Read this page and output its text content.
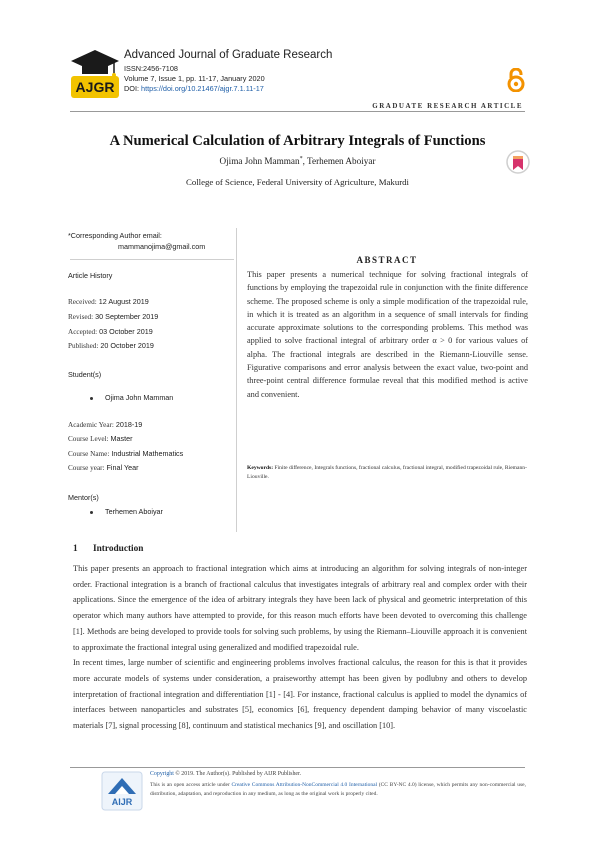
AJGR
Advanced Journal of Graduate Research
ISSN:2456-7108
Volume 7, Issue 1, pp. 11-17, January 2020
DOI: https://doi.org/10.21467/ajgr.7.1.11-17
GRADUATE RESEARCH ARTICLE
A Numerical Calculation of Arbitrary Integrals of Functions
Ojima John Mamman*, Terhemen Aboiyar
College of Science, Federal University of Agriculture, Makurdi
*Corresponding Author email:
mammanojima@gmail.com
Article History
Received: 12 August 2019
Revised: 30 September 2019
Accepted: 03 October 2019
Published: 20 October 2019
Student(s)
Ojima John Mamman
Academic Year: 2018-19
Course Level: Master
Course Name: Industrial Mathematics
Course year: Final Year
Mentor(s)
Terhemen Aboiyar
ABSTRACT
This paper presents a numerical technique for solving fractional integrals of functions by employing the trapezoidal rule in conjunction with the finite difference scheme. The proposed scheme is only a simple modification of the trapezoidal rule, in which it is treated as an algorithm in a sequence of small intervals for finding accurate approximate solutions to the corresponding problems. This method was applied to solve fractional integral of arbitrary order α > 0 for various values of alpha. The fractional integrals are described in the Riemann-Liouville sense. Figurative comparisons and error analysis between the exact value, two-point and three-point central difference formulae reveal that this modified method is active and convenient.
Keywords: Finite difference, Integrals functions, fractional calculus, fractional integral, modified trapezoidal rule, Riemann-Liouville.
1 Introduction

This paper presents an approach to fractional integration which aims at introducing an algorithm for solving integrals of non-integer order. Fractional integration is a branch of fractional calculus that investigates integrals of arbitrary real and complex order with their applications. Since the emergence of the idea of arbitrary integrals they have been lack of physical and geometric interpretation of this operator which many authors have attempted to provide, for this reason much efforts have been devoted to overcoming this challenge [1]. Methods are being developed to provide tools for solving such problems, by using the Riemann–Liouville approach it is convenient to approximate the fractional integral using generalized and modified trapezoidal rule.

In recent times, large number of scientific and engineering problems involves fractional calculus, the reason for this is that it provides more accurate models of systems under consideration, a praiseworthy attempt has been given by podlubny and others to develop interpretation of fractional integration and differentiation [1] - [4]. For instance, fractional calculus is applied to model the dynamics of interfaces between nanoparticles and substrates [5], economics [6], frequency dependent damping behavior of many viscoelastic materials [7], signal processing [8], continuum and statistical mechanics [9], and oscillation [10].

AIJR
Copyright © 2019. The Author(s). Published by AIJR Publisher.
This is an open access article under Creative Commons Attribution-NonCommercial 4.0 International (CC BY-NC 4.0) license, which permits any non-commercial use, distribution, adaptation, and reproduction in any medium, as long as the original work is properly cited.
